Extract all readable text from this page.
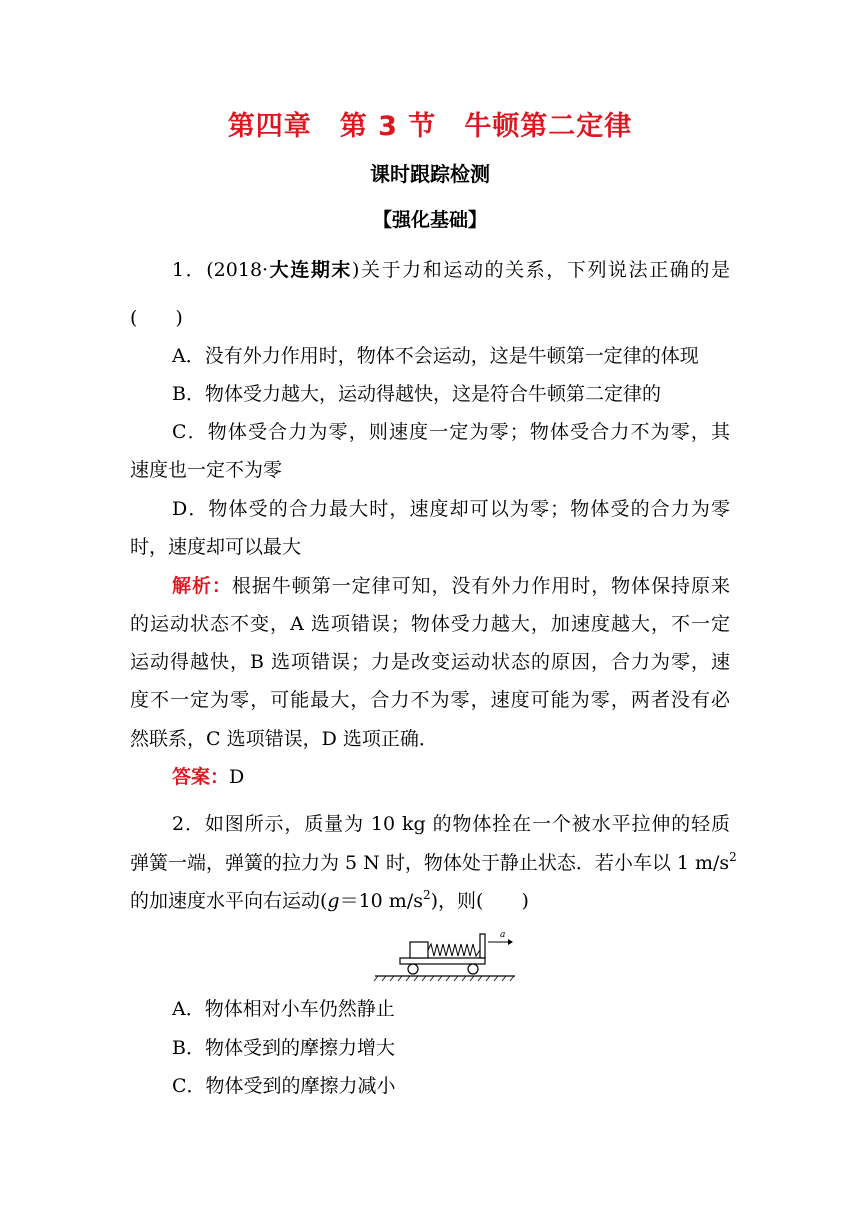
第四章　第 3 节　牛顿第二定律
课时跟踪检测
【强化基础】
1．(2018·大连期末)关于力和运动的关系，下列说法正确的是
(　　)
A．没有外力作用时，物体不会运动，这是牛顿第一定律的体现
B．物体受力越大，运动得越快，这是符合牛顿第二定律的
C．物体受合力为零，则速度一定为零；物体受合力不为零，其
速度也一定不为零
D．物体受的合力最大时，速度却可以为零；物体受的合力为零
时，速度却可以最大
解析：根据牛顿第一定律可知，没有外力作用时，物体保持原来
的运动状态不变，A 选项错误；物体受力越大，加速度越大，不一定
运动得越快，B 选项错误；力是改变运动状态的原因，合力为零，速
度不一定为零，可能最大，合力不为零，速度可能为零，两者没有必
然联系，C 选项错误，D 选项正确．
答案：D
2．如图所示，质量为 10 kg 的物体拴在一个被水平拉伸的轻质
弹簧一端，弹簧的拉力为 5 N 时，物体处于静止状态．若小车以 1 $m/s^2$
的加速度水平向右运动(g＝10 $m/s^2$)，则(　　)
a
A．物体相对小车仍然静止
B．物体受到的摩擦力增大
C．物体受到的摩擦力减小
